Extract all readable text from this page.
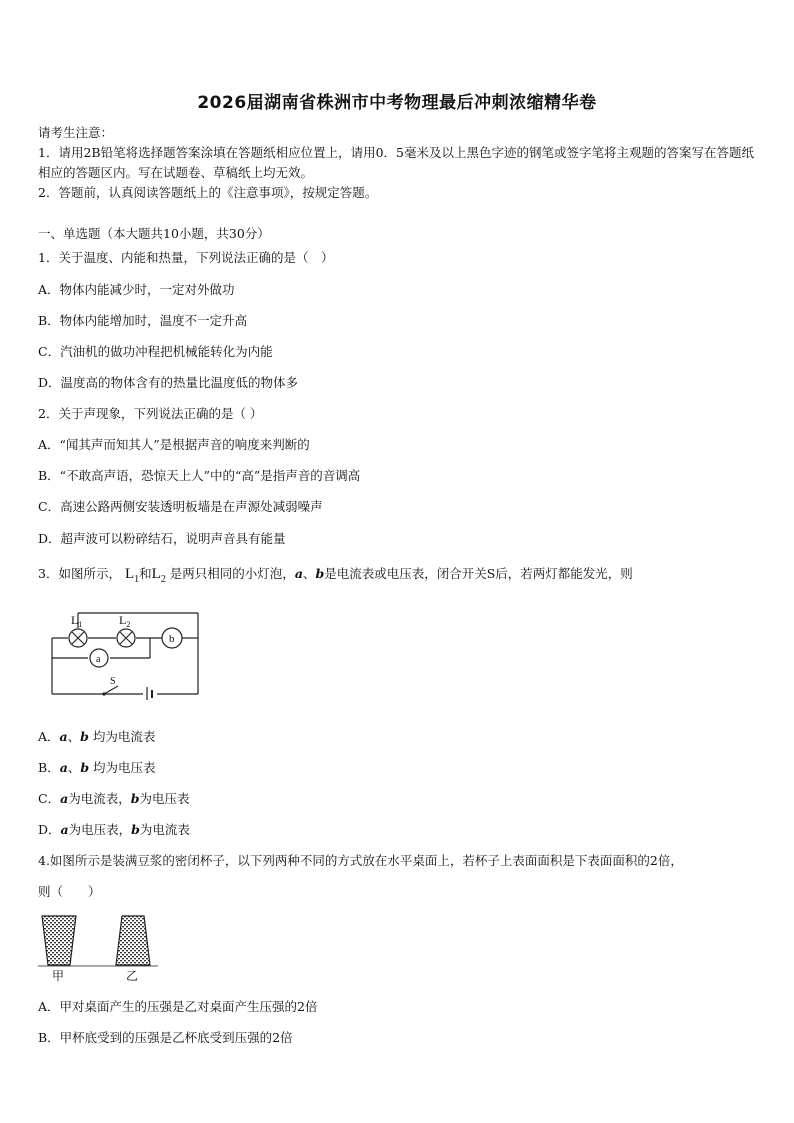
2026届湖南省株洲市中考物理最后冲刺浓缩精华卷
请考生注意：
1．请用2B铅笔将选择题答案涂填在答题纸相应位置上，请用0．5毫米及以上黑色字迹的钢笔或签字笔将主观题的答案写在答题纸相应的答题区内。写在试题卷、草稿纸上均无效。
2．答题前，认真阅读答题纸上的《注意事项》，按规定答题。
一、单选题（本大题共10小题，共30分）
1．关于温度、内能和热量，下列说法正确的是（　）
A．物体内能减少时，一定对外做功
B．物体内能增加时，温度不一定升高
C．汽油机的做功冲程把机械能转化为内能
D．温度高的物体含有的热量比温度低的物体多
2．关于声现象，下列说法正确的是（ ）
A．“闻其声而知其人”是根据声音的响度来判断的
B．“不敢高声语，恐惊天上人”中的“高”是指声音的音调高
C．高速公路两侧安装透明板墙是在声源处减弱噪声
D．超声波可以粉碎结石，说明声音具有能量
3．如图所示， $L_1$和$L_2$ 是两只相同的小灯泡，a、b是电流表或电压表，闭合开关S后，若两灯都能发光，则
$L_1$	$L_2$
a
b
S
A．a、b 均为电流表
B．a、b 均为电压表
C．a为电流表，b为电压表
D．a为电压表，b为电流表
4.如图所示是装满豆浆的密闭杯子，以下列两种不同的方式放在水平桌面上，若杯子上表面面积是下表面面积的2倍，
则（　　）
甲	乙
A．甲对桌面产生的压强是乙对桌面产生压强的2倍
B．甲杯底受到的压强是乙杯底受到压强的2倍
